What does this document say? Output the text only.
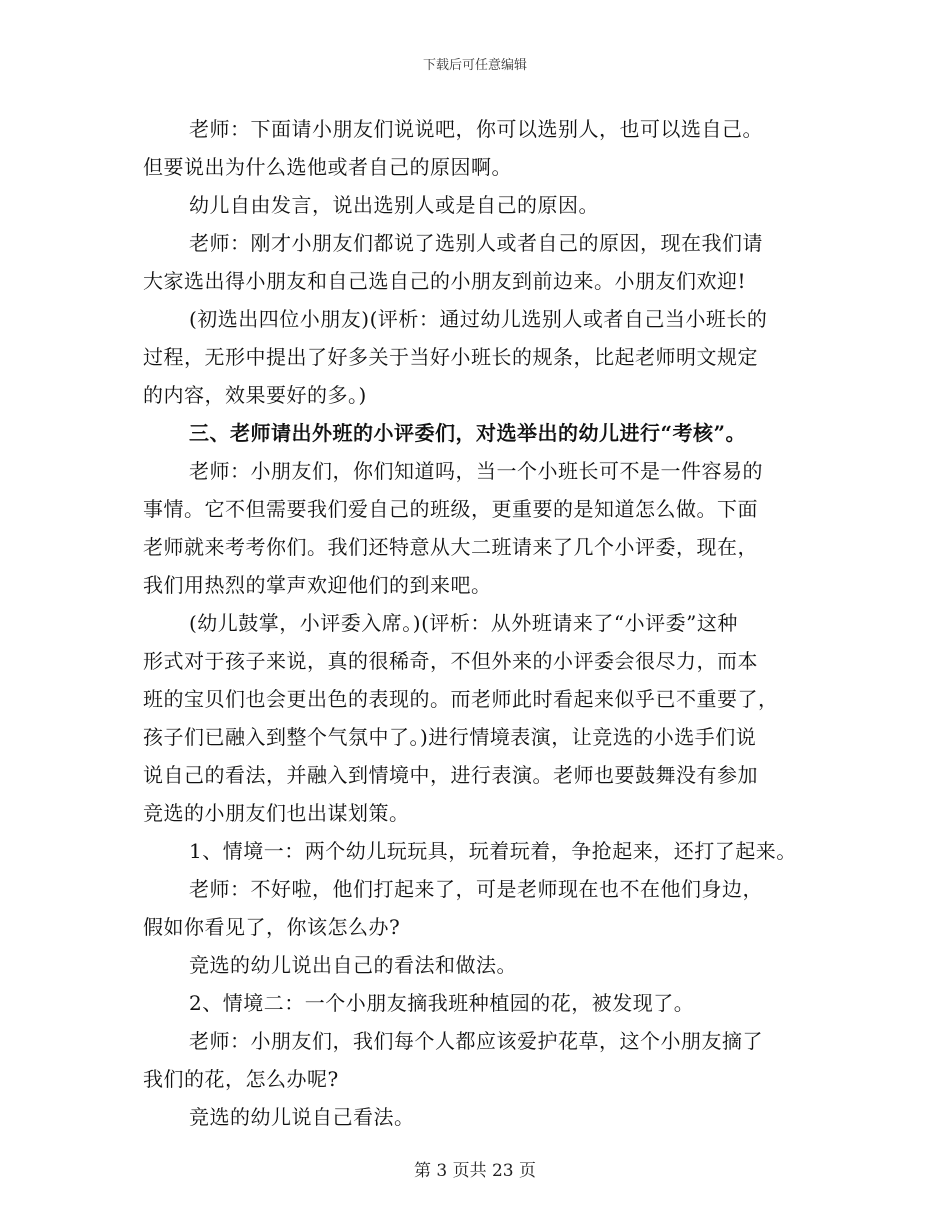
下载后可任意编辑
老师：下面请小朋友们说说吧，你可以选别人，也可以选自己。
但要说出为什么选他或者自己的原因啊。
幼儿自由发言，说出选别人或是自己的原因。
老师：刚才小朋友们都说了选别人或者自己的原因，现在我们请
大家选出得小朋友和自己选自己的小朋友到前边来。小朋友们欢迎!
(初选出四位小朋友)(评析：通过幼儿选别人或者自己当小班长的
过程，无形中提出了好多关于当好小班长的规条，比起老师明文规定
的内容，效果要好的多。)
三、老师请出外班的小评委们，对选举出的幼儿进行“考核”。
老师：小朋友们，你们知道吗，当一个小班长可不是一件容易的
事情。它不但需要我们爱自己的班级，更重要的是知道怎么做。下面
老师就来考考你们。我们还特意从大二班请来了几个小评委，现在，
我们用热烈的掌声欢迎他们的到来吧。
(幼儿鼓掌，小评委入席。)(评析：从外班请来了“小评委”这种
形式对于孩子来说，真的很稀奇，不但外来的小评委会很尽力，而本
班的宝贝们也会更出色的表现的。而老师此时看起来似乎已不重要了，
孩子们已融入到整个气氛中了。)进行情境表演，让竞选的小选手们说
说自己的看法，并融入到情境中，进行表演。老师也要鼓舞没有参加
竞选的小朋友们也出谋划策。
1、情境一：两个幼儿玩玩具，玩着玩着，争抢起来，还打了起来。
老师：不好啦，他们打起来了，可是老师现在也不在他们身边，
假如你看见了，你该怎么办?
竞选的幼儿说出自己的看法和做法。
2、情境二：一个小朋友摘我班种植园的花，被发现了。
老师：小朋友们，我们每个人都应该爱护花草，这个小朋友摘了
我们的花，怎么办呢?
竞选的幼儿说自己看法。
第 3 页共 23 页
